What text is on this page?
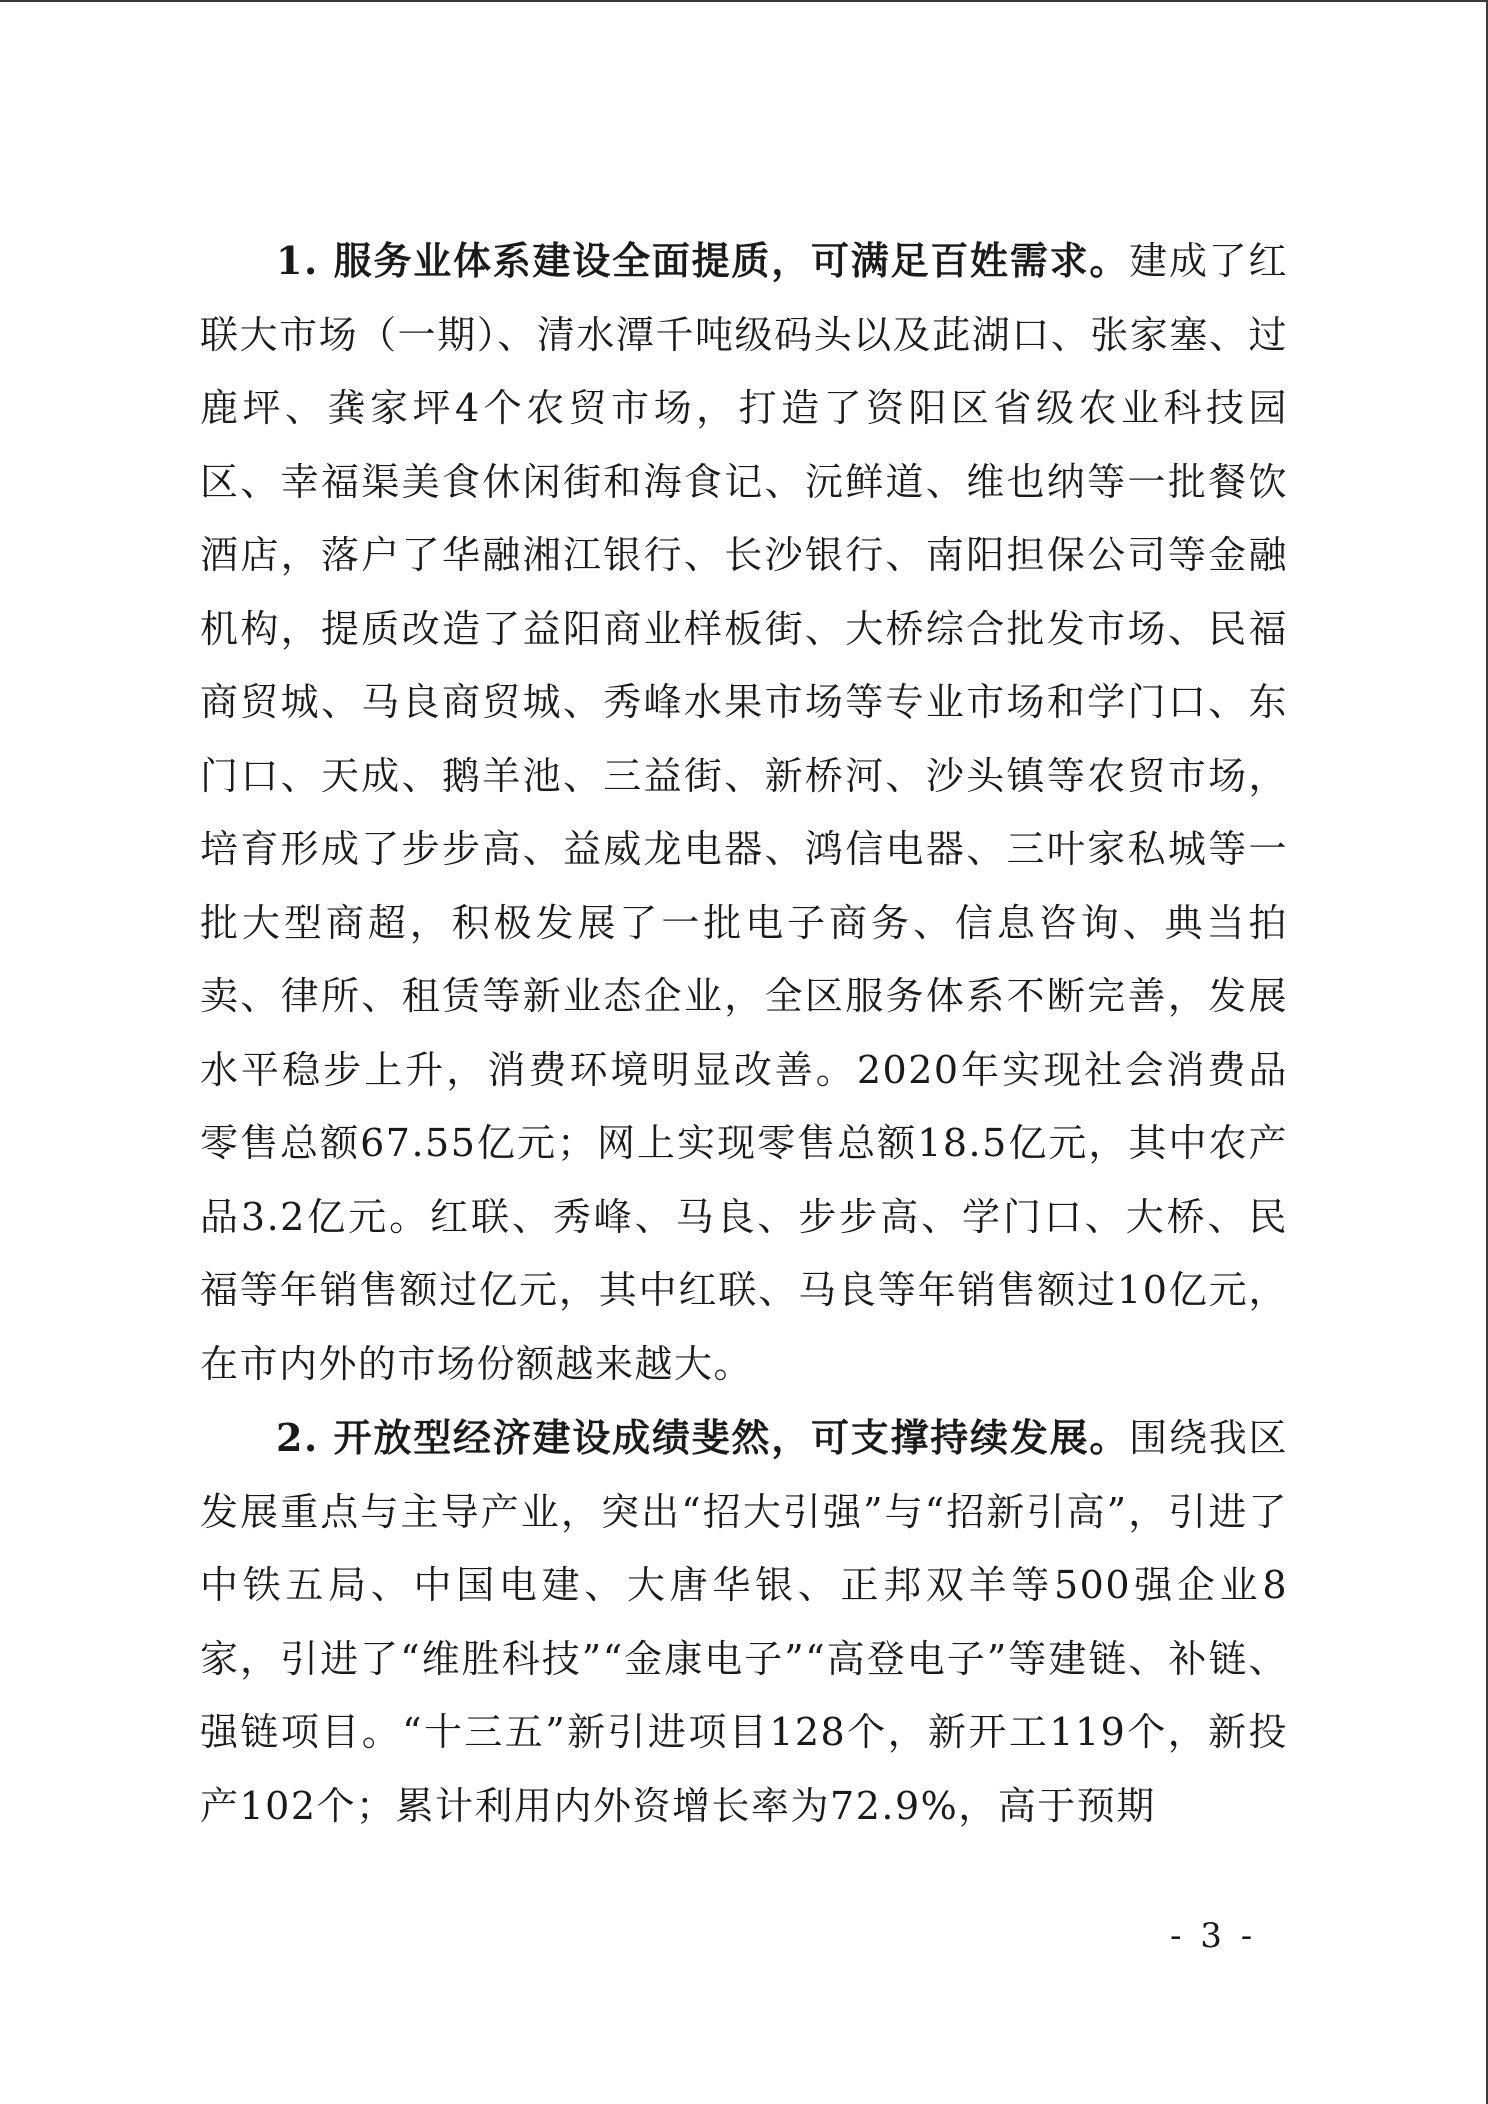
1. 服务业体系建设全面提质，可满足百姓需求。建成了红联大市场（一期）、清水潭千吨级码头以及茈湖口、张家塞、过鹿坪、龚家坪4个农贸市场，打造了资阳区省级农业科技园区、幸福渠美食休闲街和海食记、沅鲜道、维也纳等一批餐饮酒店，落户了华融湘江银行、长沙银行、南阳担保公司等金融机构，提质改造了益阳商业样板街、大桥综合批发市场、民福商贸城、马良商贸城、秀峰水果市场等专业市场和学门口、东门口、天成、鹅羊池、三益街、新桥河、沙头镇等农贸市场，培育形成了步步高、益威龙电器、鸿信电器、三叶家私城等一批大型商超，积极发展了一批电子商务、信息咨询、典当拍卖、律所、租赁等新业态企业，全区服务体系不断完善，发展水平稳步上升，消费环境明显改善。2020年实现社会消费品零售总额67.55亿元；网上实现零售总额18.5亿元，其中农产品3.2亿元。红联、秀峰、马良、步步高、学门口、大桥、民福等年销售额过亿元，其中红联、马良等年销售额过10亿元，在市内外的市场份额越来越大。

2. 开放型经济建设成绩斐然，可支撑持续发展。围绕我区发展重点与主导产业，突出“招大引强”与“招新引高”，引进了中铁五局、中国电建、大唐华银、正邦双羊等500强企业8家，引进了“维胜科技”“金康电子”“高登电子”等建链、补链、强链项目。“十三五”新引进项目128个，新开工119个，新投产102个；累计利用内外资增长率为72.9%，高于预期

- 3 -
